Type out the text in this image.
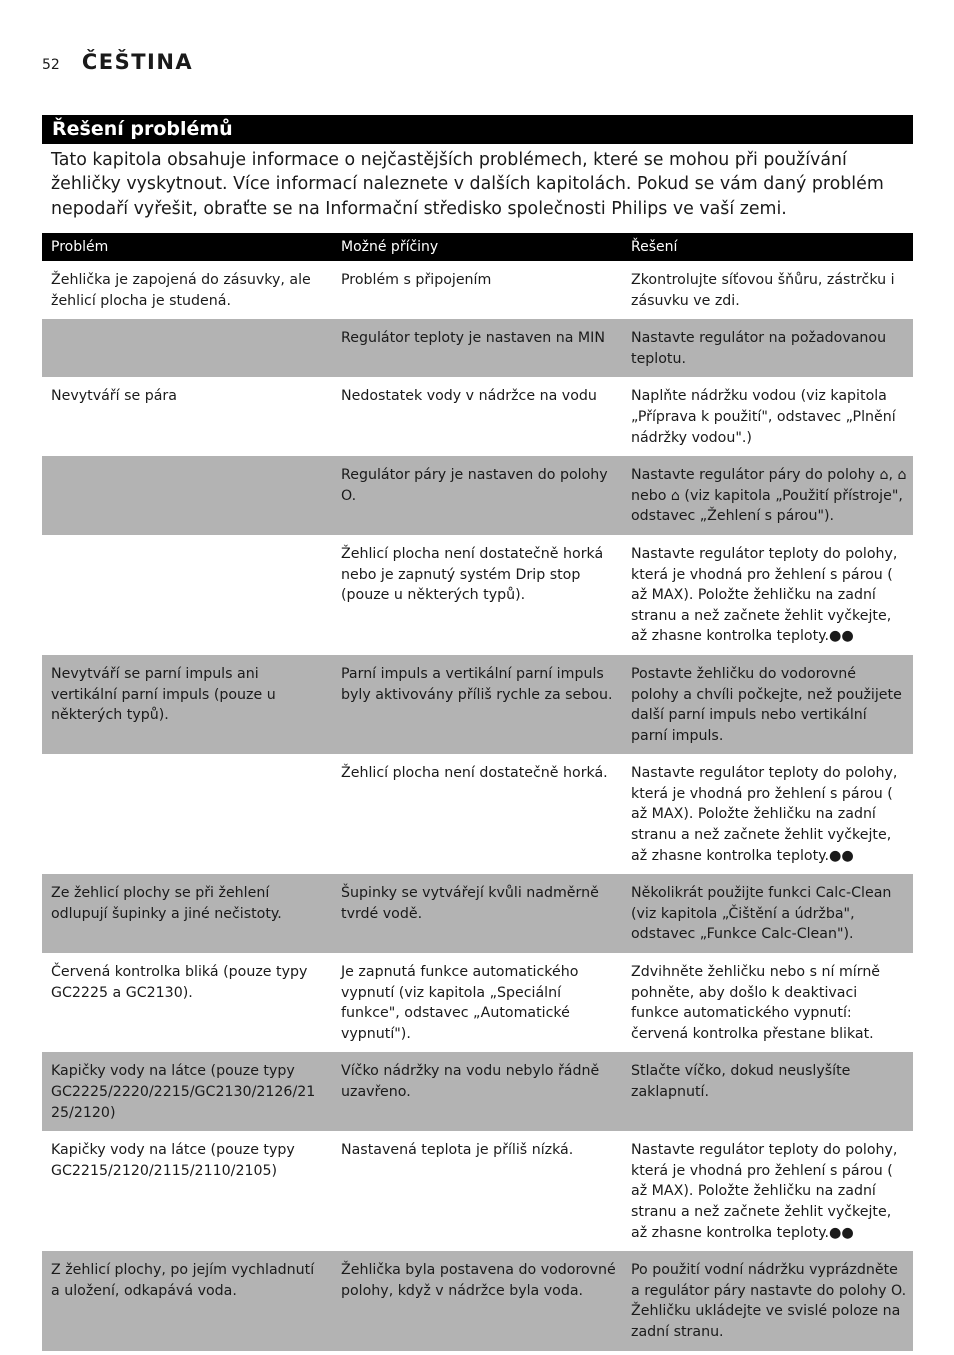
52 ČEŠTINA
Řešení problémů

Tato kapitola obsahuje informace o nejčastějších problémech, které se mohou při používání žehličky vyskytnout. Více informací naleznete v dalších kapitolách. Pokud se vám daný problém nepodaří vyřešit, obraťte se na Informační středisko společnosti Philips ve vaší zemi.

Problém	Možné příčiny	Řešení
Žehlička je zapojená do zásuvky, ale žehlicí plocha je studená.	Problém s připojením	Zkontrolujte síťovou šňůru, zástrčku i zásuvku ve zdi.
	Regulátor teploty je nastaven na MIN	Nastavte regulátor na požadovanou teplotu.
Nevytváří se pára	Nedostatek vody v nádržce na vodu	Naplňte nádržku vodou (viz kapitola „Příprava k použití", odstavec „Plnění nádržky vodou".)
	Regulátor páry je nastaven do polohy O.	Nastavte regulátor páry do polohy ⌂, ⌂ nebo ⌂ (viz kapitola „Použití přístroje", odstavec „Žehlení s párou").
	Žehlicí plocha není dostatečně horká nebo je zapnutý systém Drip stop (pouze u některých typů).	Nastavte regulátor teploty do polohy, která je vhodná pro žehlení s párou ( až MAX). Položte žehličku na zadní stranu a než začnete žehlit vyčkejte, až zhasne kontrolka teploty.●●
Nevytváří se parní impuls ani vertikální parní impuls (pouze u některých typů).	Parní impuls a vertikální parní impuls byly aktivovány příliš rychle za sebou.	Postavte žehličku do vodorovné polohy a chvíli počkejte, než použijete další parní impuls nebo vertikální parní impuls.
	Žehlicí plocha není dostatečně horká.	Nastavte regulátor teploty do polohy, která je vhodná pro žehlení s párou ( až MAX). Položte žehličku na zadní stranu a než začnete žehlit vyčkejte, až zhasne kontrolka teploty.●●
Ze žehlicí plochy se při žehlení odlupují šupinky a jiné nečistoty.	Šupinky se vytvářejí kvůli nadměrně tvrdé vodě.	Několikrát použijte funkci Calc-Clean (viz kapitola „Čištění a údržba", odstavec „Funkce Calc-Clean").
Červená kontrolka bliká (pouze typy GC2225 a GC2130).	Je zapnutá funkce automatického vypnutí (viz kapitola „Speciální funkce", odstavec „Automatické vypnutí").	Zdvihněte žehličku nebo s ní mírně pohněte, aby došlo k deaktivaci funkce automatického vypnutí: červená kontrolka přestane blikat.
Kapičky vody na látce (pouze typy GC2225/2220/2215/GC2130/2126/21 25/2120)	Víčko nádržky na vodu nebylo řádně uzavřeno.	Stlačte víčko, dokud neuslyšíte zaklapnutí.
Kapičky vody na látce (pouze typy GC2215/2120/2115/2110/2105)	Nastavená teplota je příliš nízká.	Nastavte regulátor teploty do polohy, která je vhodná pro žehlení s párou ( až MAX). Položte žehličku na zadní stranu a než začnete žehlit vyčkejte, až zhasne kontrolka teploty.●●
Z žehlicí plochy, po jejím vychladnutí a uložení, odkapává voda.	Žehlička byla postavena do vodorovné polohy, když v nádržce byla voda.	Po použití vodní nádržku vyprázdněte a regulátor páry nastavte do polohy O. Žehličku ukládejte ve svislé poloze na zadní stranu.
